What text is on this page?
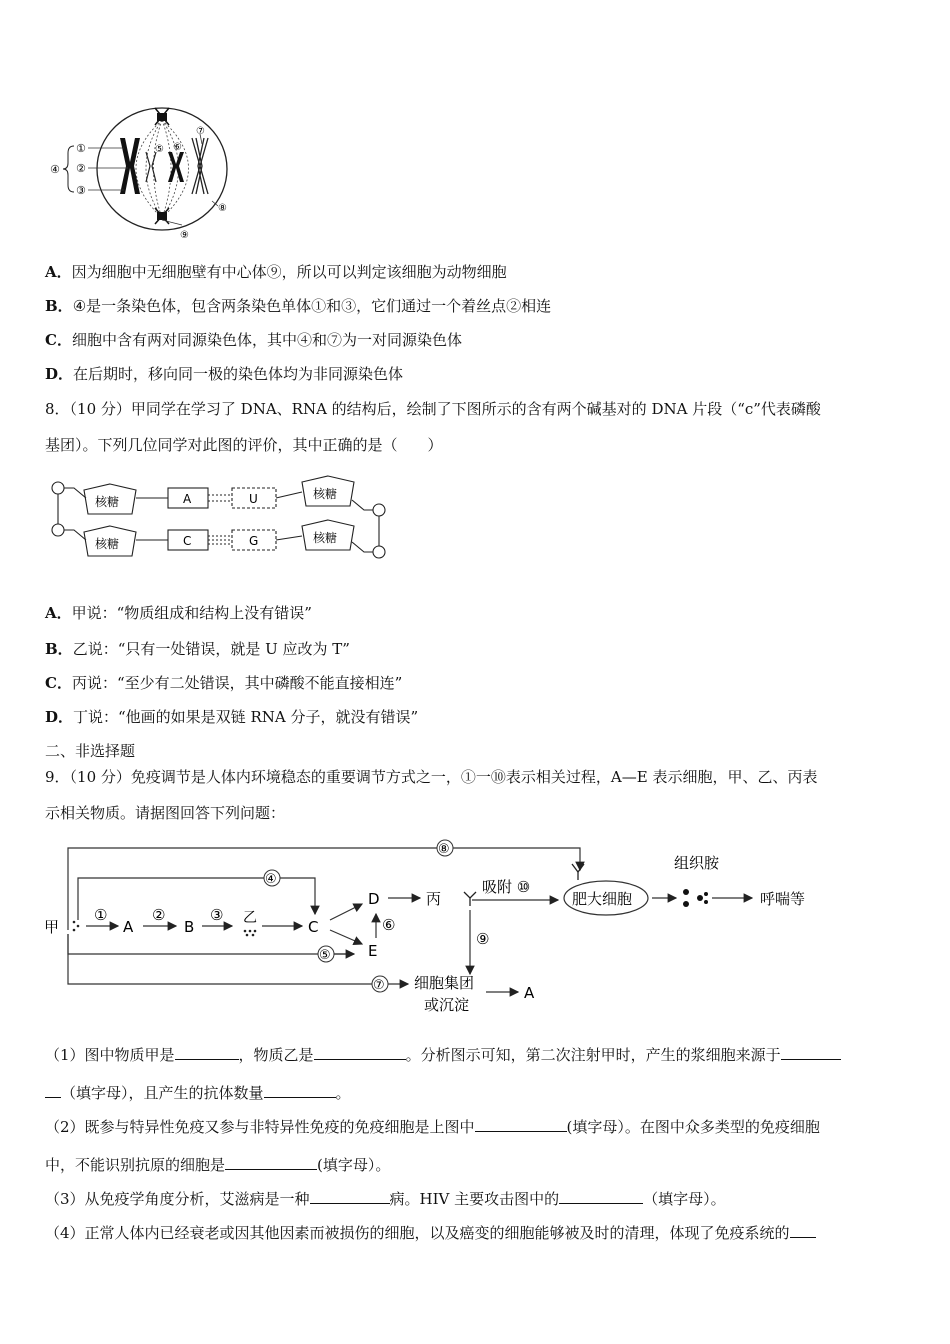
①
②
③
④
⑤ ⑥
⑦
⑧
⑨
A．因为细胞中无细胞壁有中心体⑨，所以可以判定该细胞为动物细胞
B．④是一条染色体，包含两条染色单体①和③，它们通过一个着丝点②相连
C．细胞中含有两对同源染色体，其中④和⑦为一对同源染色体
D．在后期时，移向同一极的染色体均为非同源染色体
8．（10 分）甲同学在学习了 DNA、RNA 的结构后，绘制了下图所示的含有两个碱基对的 DNA 片段（“c”代表磷酸
基团）。下列几位同学对此图的评价，其中正确的是（　　）
核糖
核糖
核糖
核糖
A	U
C	G
A．甲说：“物质组成和结构上没有错误”
B．乙说：“只有一处错误，就是 U 应改为 T”
C．丙说：“至少有二处错误，其中磷酸不能直接相连”
D．丁说：“他画的如果是双链 RNA 分子，就没有错误”
二、非选择题
9．（10 分）免疫调节是人体内环境稳态的重要调节方式之一，①一⑩表示相关过程，A—E 表示细胞，甲、乙、丙表
示相关物质。请据图回答下列问题：
甲
①
A
②
B
③ 乙	C
D
E
⑥
丙
吸附 ⑩
肥大细胞
组织胺
呼喘等
⑨
细胞集团
或沉淀
A
⑧
④
⑤
⑦
（1）图中物质甲是	，物质乙是	。分析图示可知，第二次注射甲时，产生的浆细胞来源于
（填字母），且产生的抗体数量	。
（2）既参与特异性免疫又参与非特异性免疫的免疫细胞是上图中	(填字母）。在图中众多类型的免疫细胞
中，不能识别抗原的细胞是	(填字母）。
（3）从免疫学角度分析，艾滋病是一种	病。HIV 主要攻击图中的	（填字母）。
（4）正常人体内已经衰老或因其他因素而被损伤的细胞，以及癌变的细胞能够被及时的清理，体现了免疫系统的
